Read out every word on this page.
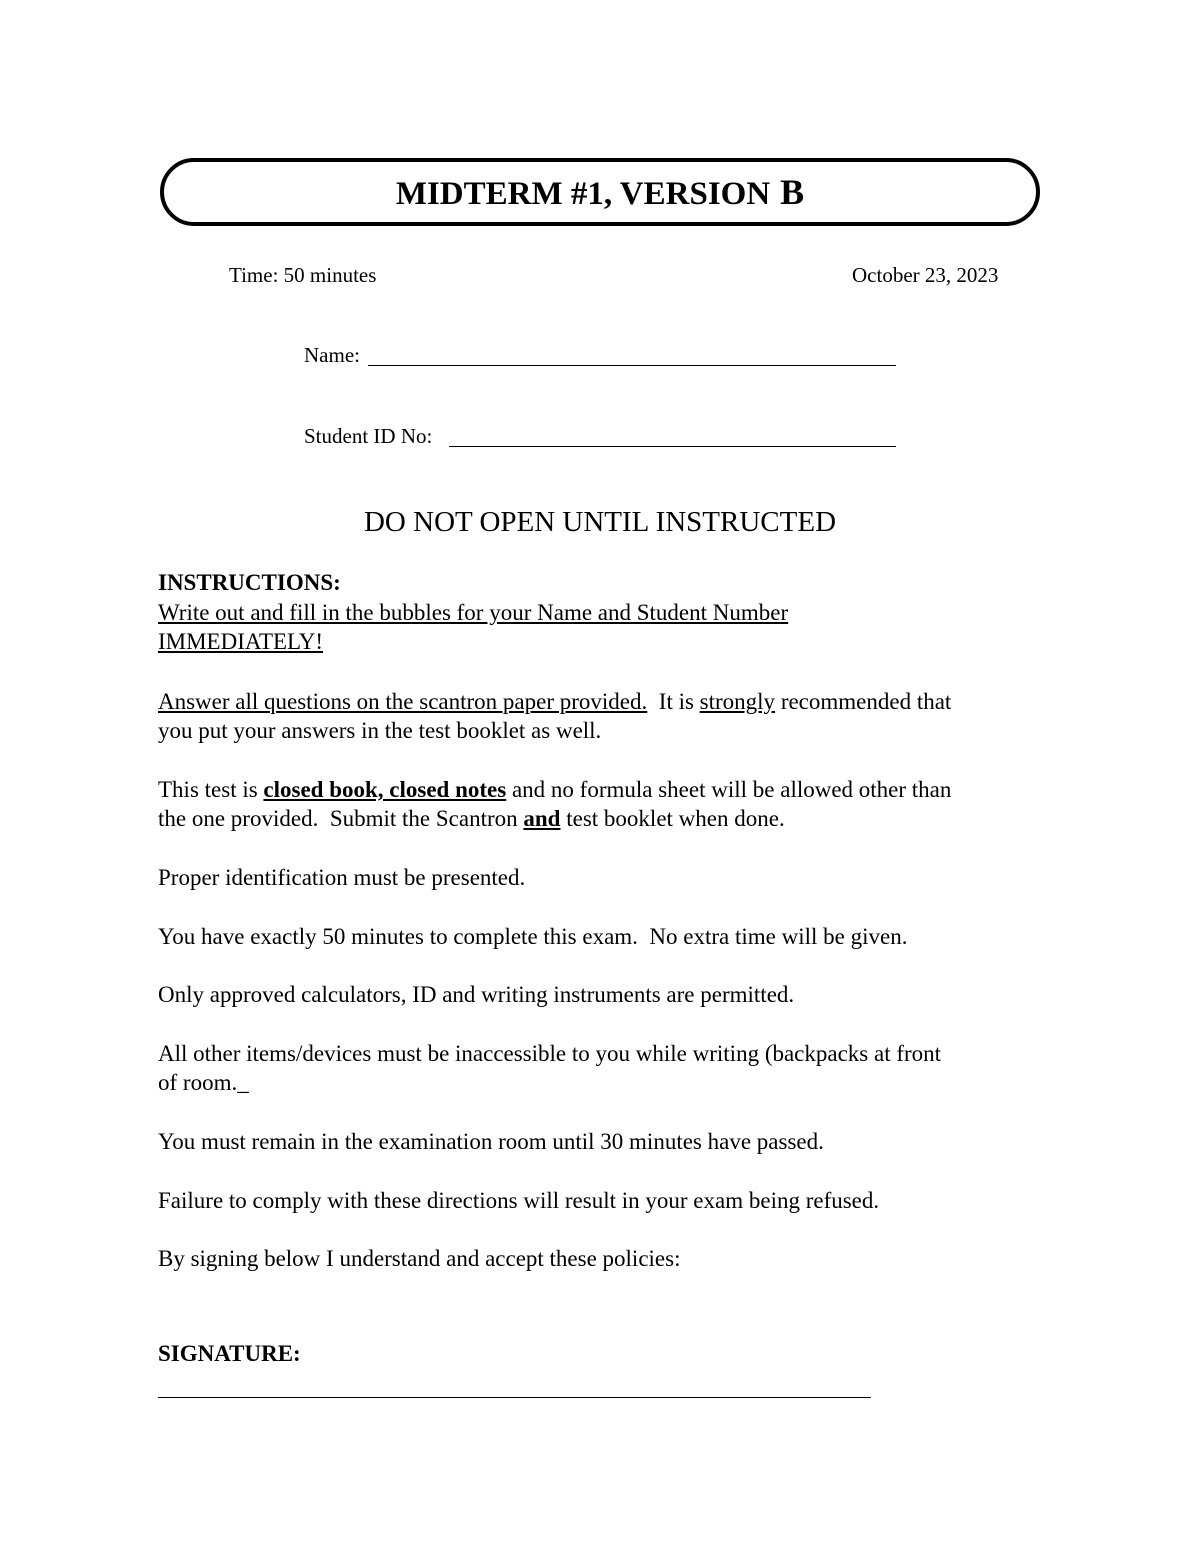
MIDTERM #1, VERSION B
Time: 50 minutes	October 23, 2023
Name:
Student ID No:
DO NOT OPEN UNTIL INSTRUCTED
INSTRUCTIONS:
Write out and fill in the bubbles for your Name and Student Number
IMMEDIATELY!
Answer all questions on the scantron paper provided.  It is strongly recommended that
you put your answers in the test booklet as well.
This test is closed book, closed notes and no formula sheet will be allowed other than
the one provided.  Submit the Scantron and test booklet when done.
Proper identification must be presented.
You have exactly 50 minutes to complete this exam.  No extra time will be given.
Only approved calculators, ID and writing instruments are permitted.
All other items/devices must be inaccessible to you while writing (backpacks at front
of room._
You must remain in the examination room until 30 minutes have passed.
Failure to comply with these directions will result in your exam being refused.
By signing below I understand and accept these policies:
SIGNATURE:
